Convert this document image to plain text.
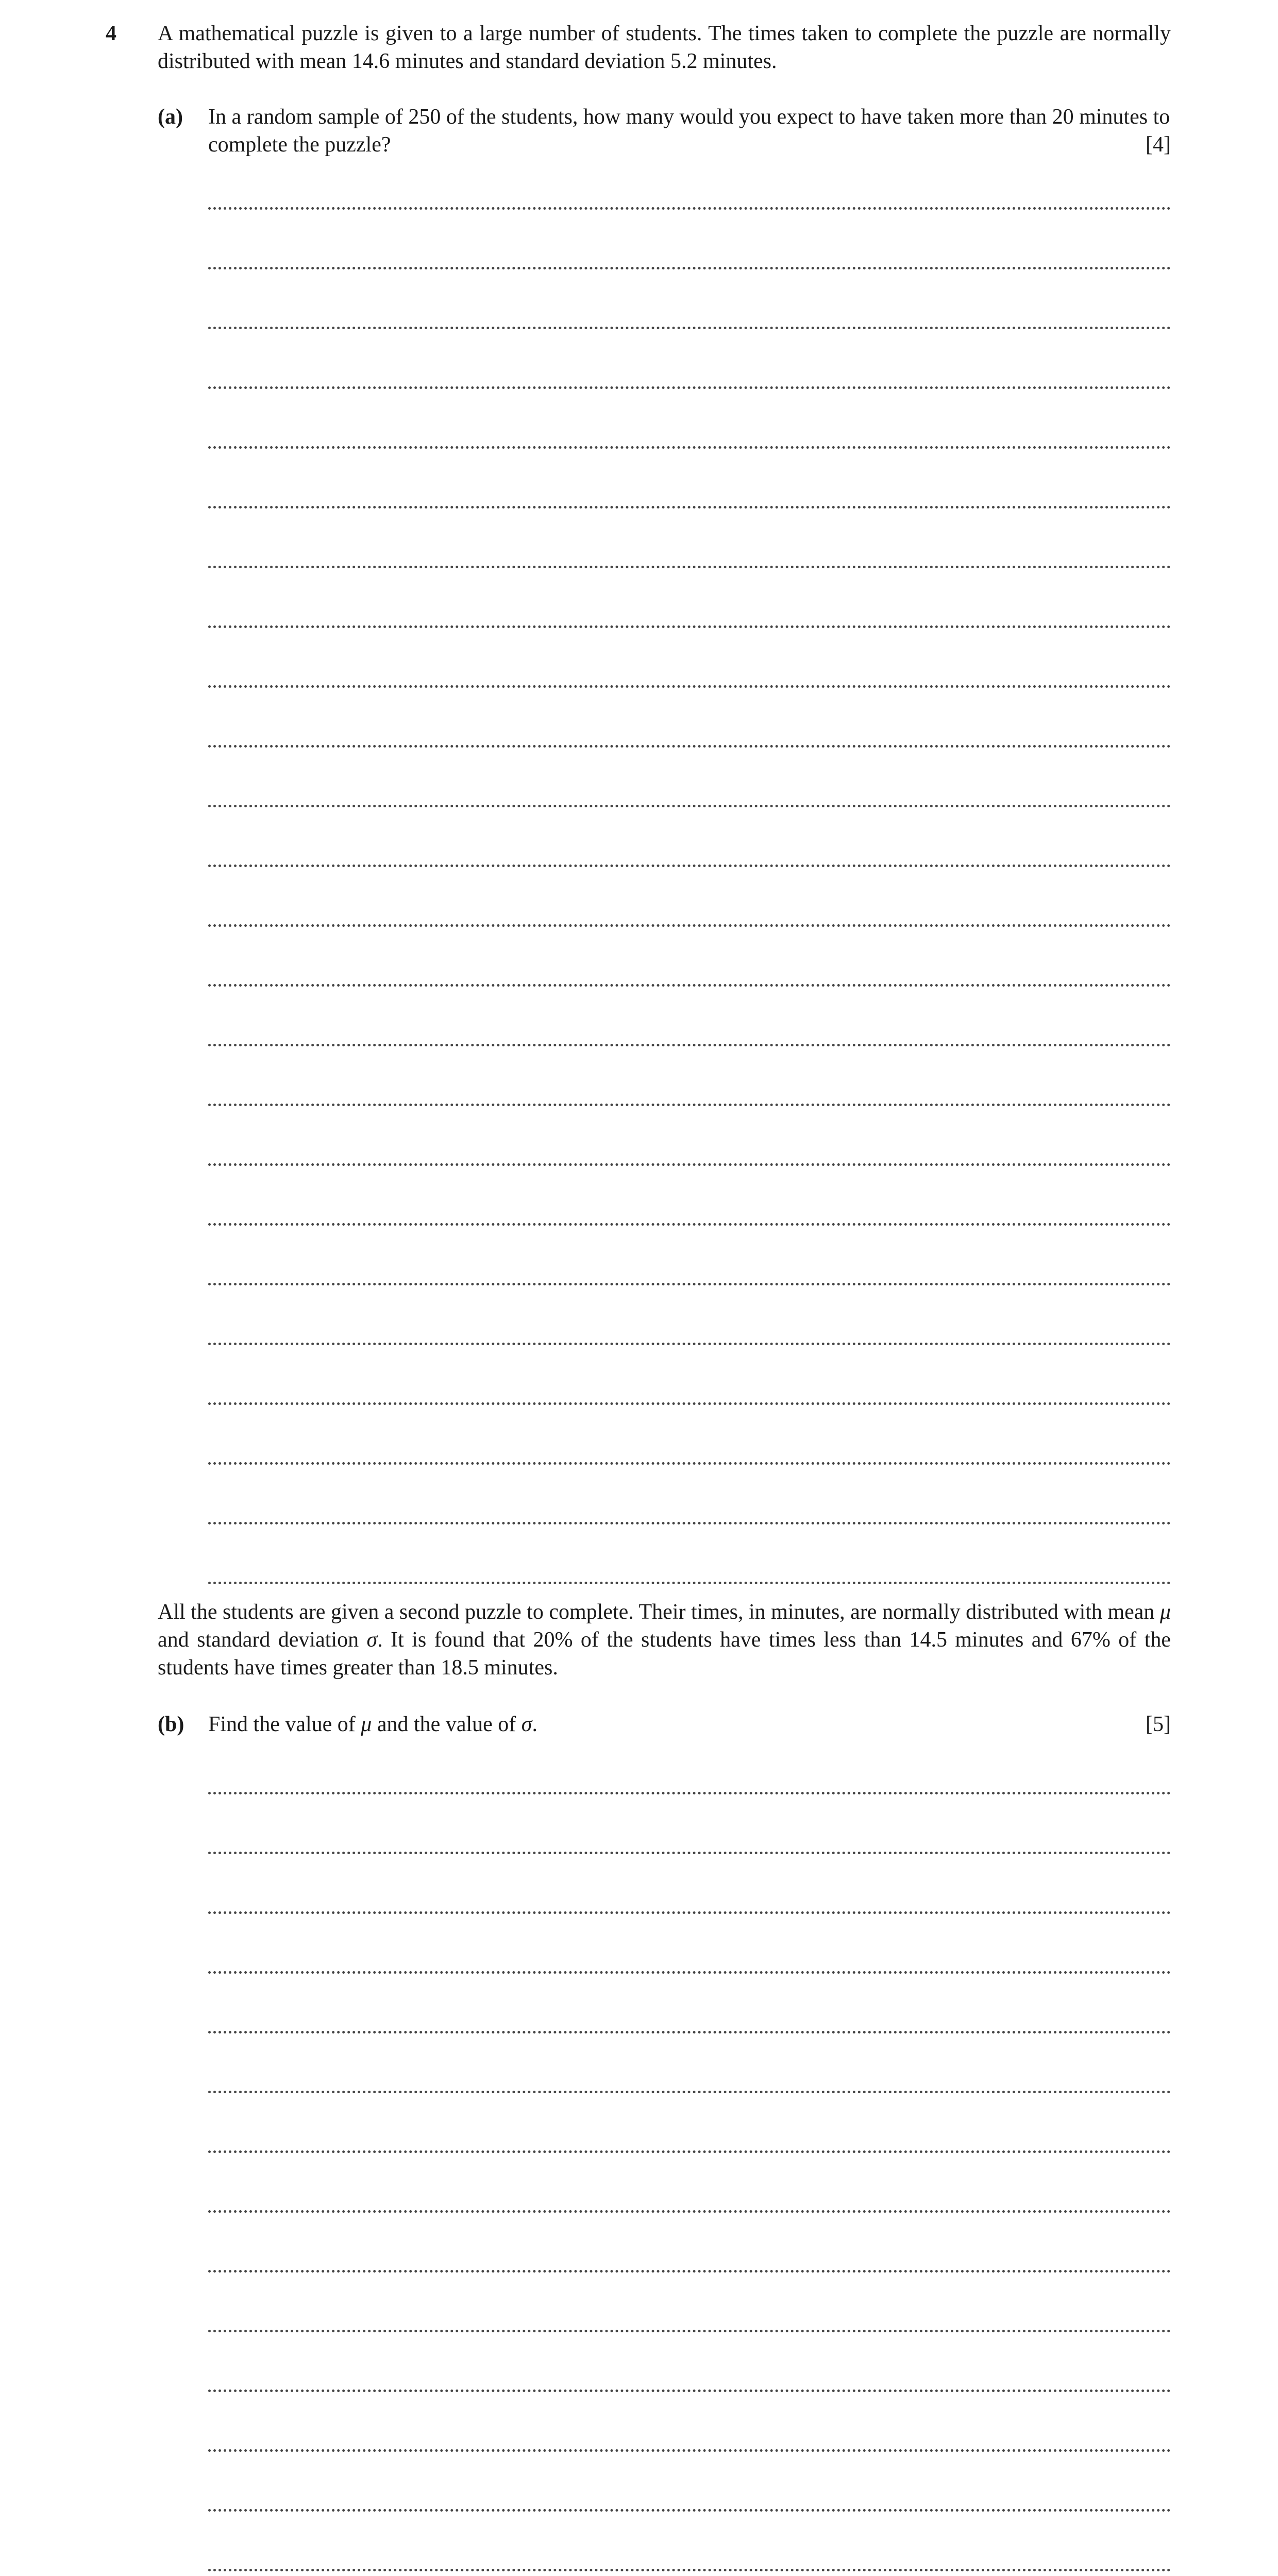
4 A mathematical puzzle is given to a large number of students. The times taken to complete the puzzle are normally distributed with mean 14.6 minutes and standard deviation 5.2 minutes.
(a) In a random sample of 250 of the students, how many would you expect to have taken more than 20 minutes to complete the puzzle?	[4]
All the students are given a second puzzle to complete. Their times, in minutes, are normally distributed with mean μ and standard deviation σ. It is found that 20% of the students have times less than 14.5 minutes and 67% of the students have times greater than 18.5 minutes.
(b) Find the value of μ and the value of σ.	[5]
